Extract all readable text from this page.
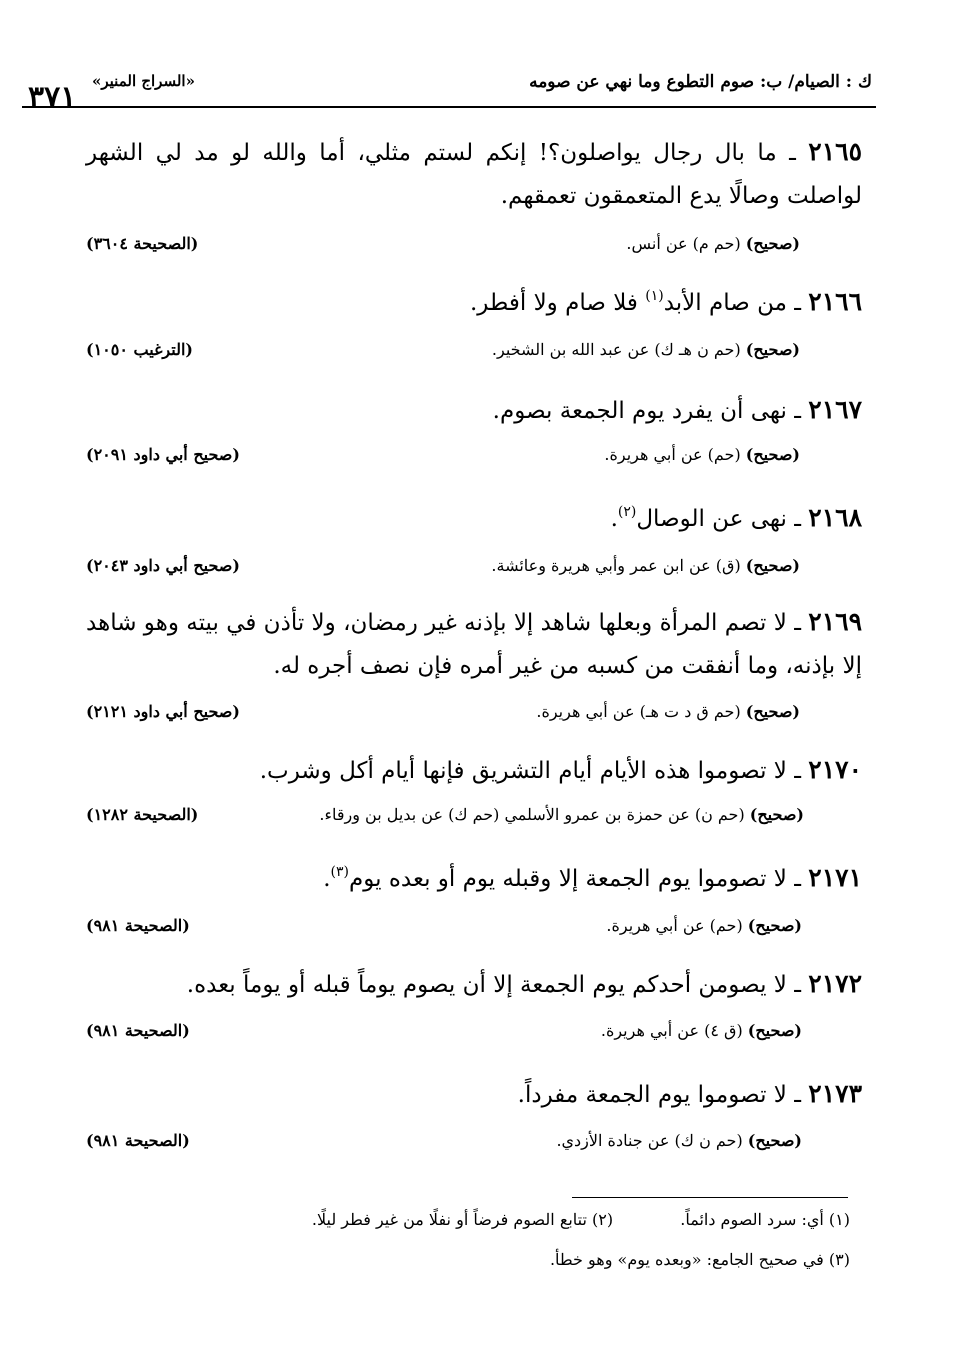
ك : الصيام/ ب: صوم التطوع وما نهي عن صومه
«السراج المنير»
٣٧١

٢١٦٥ ـ ما بال رجال يواصلون؟! إنكم لستم مثلي، أما والله لو مد لي الشهر لواصلت وصالًا يدع المتعمقون تعمقهم.

(صحيح) (حم م) عن أنس.
(الصحيحة ٣٦٠٤)

٢١٦٦ ـ من صام الأبد$^{(١)}$ فلا صام ولا أفطر.

(صحيح) (حم ن هـ ك) عن عبد الله بن الشخير.
(الترغيب ١٠٥٠)

٢١٦٧ ـ نهى أن يفرد يوم الجمعة بصوم.

(صحيح) (حم) عن أبي هريرة.
(صحيح أبي داود ٢٠٩١)

٢١٦٨ ـ نهى عن الوصال$^{(٢)}$.

(صحيح) (ق) عن ابن عمر وأبي هريرة وعائشة.
(صحيح أبي داود ٢٠٤٣)

٢١٦٩ ـ لا تصم المرأة وبعلها شاهد إلا بإذنه غير رمضان، ولا تأذن في بيته وهو شاهد إلا بإذنه، وما أنفقت من كسبه من غير أمره فإن نصف أجره له.

(صحيح) (حم ق د ت هـ) عن أبي هريرة.
(صحيح أبي داود ٢١٢١)

٢١٧٠ ـ لا تصوموا هذه الأيام أيام التشريق فإنها أيام أكل وشرب.

(صحيح) (حم ن) عن حمزة بن عمرو الأسلمي (حم ك) عن بديل بن ورقاء.
(الصحيحة ١٢٨٢)

٢١٧١ ـ لا تصوموا يوم الجمعة إلا وقبله يوم أو بعده يوم$^{(٣)}$.

(صحيح) (حم) عن أبي هريرة.
(الصحيحة ٩٨١)

٢١٧٢ ـ لا يصومن أحدكم يوم الجمعة إلا أن يصوم يوماً قبله أو يوماً بعده.

(صحيح) (ق ٤) عن أبي هريرة.
(الصحيحة ٩٨١)

٢١٧٣ ـ لا تصوموا يوم الجمعة مفرداً.

(صحيح) (حم ن ك) عن جنادة الأزدي.
(الصحيحة ٩٨١)
(١) أي: سرد الصوم دائماً. (٢) تتابع الصوم فرضاً أو نفلًا من غير فطر ليلًا.
(٣) في صحيح الجامع: «وبعده يوم» وهو خطأ.
